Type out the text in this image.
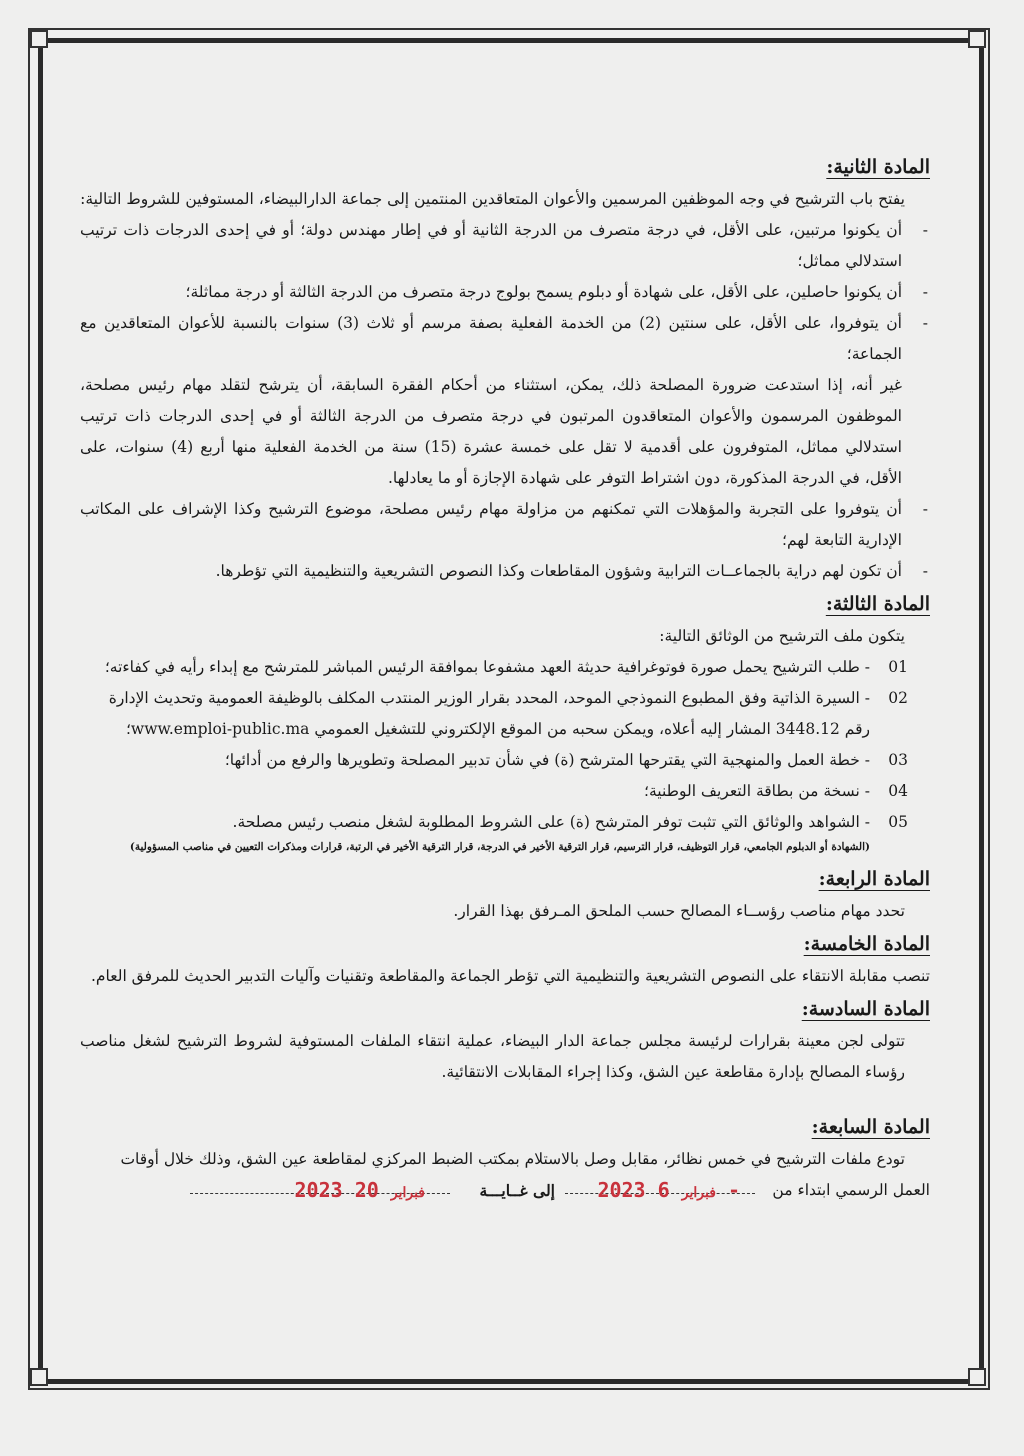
المادة الثانية:

يفتح باب الترشيح في وجه الموظفين المرسمين والأعوان المتعاقدين المنتمين إلى جماعة الدارالبيضاء، المستوفين للشروط التالية:

-
أن يكونوا مرتبين، على الأقل، في درجة متصرف من الدرجة الثانية أو في إطار مهندس دولة؛ أو في إحدى الدرجات ذات ترتيب استدلالي مماثل؛

-
أن يكونوا حاصلين، على الأقل، على شهادة أو دبلوم يسمح بولوج درجة متصرف من الدرجة الثالثة أو درجة مماثلة؛

-
أن يتوفروا، على الأقل، على سنتين (2) من الخدمة الفعلية بصفة مرسم أو ثلاث (3) سنوات بالنسبة للأعوان المتعاقدين مع الجماعة؛

غير أنه، إذا استدعت ضرورة المصلحة ذلك، يمكن، استثناء من أحكام الفقرة السابقة، أن يترشح لتقلد مهام رئيس مصلحة، الموظفون المرسمون والأعوان المتعاقدون المرتبون في درجة متصرف من الدرجة الثالثة أو في إحدى الدرجات ذات ترتيب استدلالي مماثل، المتوفرون على أقدمية لا تقل على خمسة عشرة (15) سنة من الخدمة الفعلية منها أربع (4) سنوات، على الأقل، في الدرجة المذكورة، دون اشتراط التوفر على شهادة الإجازة أو ما يعادلها.

-
أن يتوفروا على التجربة والمؤهلات التي تمكنهم من مزاولة مهام رئيس مصلحة، موضوع الترشيح وكذا الإشراف على المكاتب الإدارية التابعة لهم؛

-
أن تكون لهم دراية بالجماعــات الترابية وشؤون المقاطعات وكذا النصوص التشريعية والتنظيمية التي تؤطرها.

المادة الثالثة:

يتكون ملف الترشيح من الوثائق التالية:

01
- طلب الترشيح يحمل صورة فوتوغرافية حديثة العهد مشفوعا بموافقة الرئيس المباشر للمترشح مع إبداء رأيه في كفاءته؛

02
- السيرة الذاتية وفق المطبوع النموذجي الموحد، المحدد بقرار الوزير المنتدب المكلف بالوظيفة العمومية وتحديث الإدارة رقم 3448.12 المشار إليه أعلاه، ويمكن سحبه من الموقع الإلكتروني للتشغيل العمومي www.emploi-public.ma؛

03
- خطة العمل والمنهجية التي يقترحها المترشح (ة) في شأن تدبير المصلحة وتطويرها والرفع من أدائها؛

04
- نسخة من بطاقة التعريف الوطنية؛

05
- الشواهد والوثائق التي تثبت توفر المترشح (ة) على الشروط المطلوبة لشغل منصب رئيس مصلحة.

(الشهادة أو الدبلوم الجامعي، قرار التوظيف، قرار الترسيم، قرار الترقية الأخير في الدرجة، قرار الترقية الأخير في الرتبة، قرارات ومذكرات التعيين في مناصب المسؤولية)

المادة الرابعة:

تحدد مهام مناصب رؤســاء المصالح حسب الملحق المـرفق بهذا القرار.

المادة الخامسة:

تنصب مقابلة الانتقاء على النصوص التشريعية والتنظيمية التي تؤطر الجماعة والمقاطعة وتقنيات وآليات التدبير الحديث للمرفق العام.

المادة السادسة:

تتولى لجن معينة بقرارات لرئيسة مجلس جماعة الدار البيضاء، عملية انتقاء الملفات المستوفية لشروط الترشيح لشغل مناصب رؤساء المصالح بإدارة مقاطعة عين الشق، وكذا إجراء المقابلات الانتقائية.

المادة السابعة:

تودع ملفات الترشيح في خمس نظائر، مقابل وصل بالاستلام بمكتب الضبط المركزي لمقاطعة عين الشق، وذلك خلال أوقات

العمل الرسمي ابتداء من
2023	فبراير 6 -
إلى غــايـــة
2023	فبراير 20
